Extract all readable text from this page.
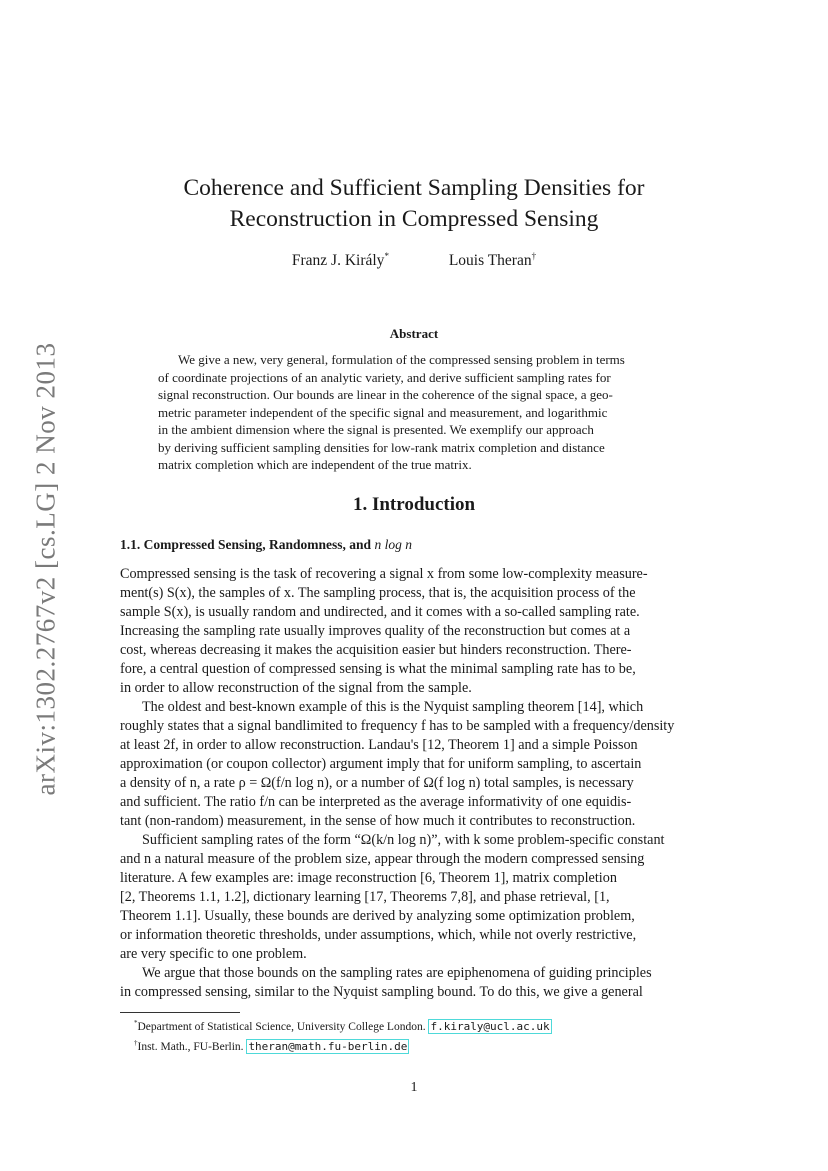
arXiv:1302.2767v2 [cs.LG] 2 Nov 2013
Coherence and Sufficient Sampling Densities for
Reconstruction in Compressed Sensing
Franz J. Király*	Louis Theran†
Abstract
We give a new, very general, formulation of the compressed sensing problem in terms
of coordinate projections of an analytic variety, and derive sufficient sampling rates for
signal reconstruction. Our bounds are linear in the coherence of the signal space, a geo-
metric parameter independent of the specific signal and measurement, and logarithmic
in the ambient dimension where the signal is presented. We exemplify our approach
by deriving sufficient sampling densities for low-rank matrix completion and distance
matrix completion which are independent of the true matrix.
1. Introduction
1.1. Compressed Sensing, Randomness, and n log n
Compressed sensing is the task of recovering a signal x from some low-complexity measure-
ment(s) S(x), the samples of x. The sampling process, that is, the acquisition process of the
sample S(x), is usually random and undirected, and it comes with a so-called sampling rate.
Increasing the sampling rate usually improves quality of the reconstruction but comes at a
cost, whereas decreasing it makes the acquisition easier but hinders reconstruction. There-
fore, a central question of compressed sensing is what the minimal sampling rate has to be,
in order to allow reconstruction of the signal from the sample.
The oldest and best-known example of this is the Nyquist sampling theorem [14], which
roughly states that a signal bandlimited to frequency f has to be sampled with a frequency/density
at least 2f, in order to allow reconstruction. Landau's [12, Theorem 1] and a simple Poisson
approximation (or coupon collector) argument imply that for uniform sampling, to ascertain
a density of n, a rate ρ = Ω(f/n log n), or a number of Ω(f log n) total samples, is necessary
and sufficient. The ratio f/n can be interpreted as the average informativity of one equidis-
tant (non-random) measurement, in the sense of how much it contributes to reconstruction.
Sufficient sampling rates of the form “Ω(k/n log n)”, with k some problem-specific constant
and n a natural measure of the problem size, appear through the modern compressed sensing
literature. A few examples are: image reconstruction [6, Theorem 1], matrix completion
[2, Theorems 1.1, 1.2], dictionary learning [17, Theorems 7,8], and phase retrieval, [1,
Theorem 1.1]. Usually, these bounds are derived by analyzing some optimization problem,
or information theoretic thresholds, under assumptions, which, while not overly restrictive,
are very specific to one problem.
We argue that those bounds on the sampling rates are epiphenomena of guiding principles
in compressed sensing, similar to the Nyquist sampling bound. To do this, we give a general
*Department of Statistical Science, University College London. f.kiraly@ucl.ac.uk
†Inst. Math., FU-Berlin. theran@math.fu-berlin.de
1
